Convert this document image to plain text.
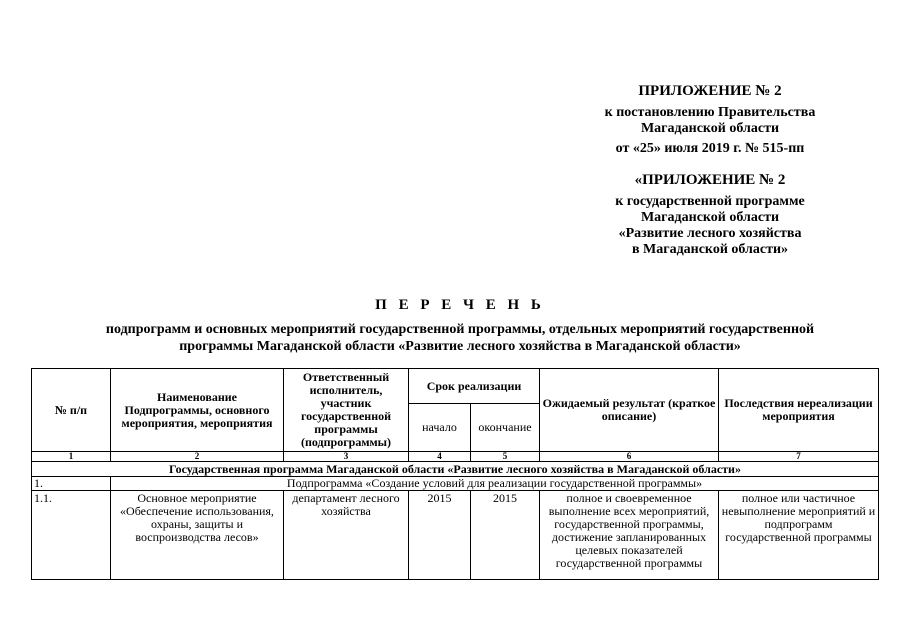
ПРИЛОЖЕНИЕ № 2
к постановлению Правительства
Магаданской области
от «25» июля 2019 г. № 515-пп
«ПРИЛОЖЕНИЕ № 2
к государственной программе
Магаданской области
«Развитие лесного хозяйства
в Магаданской области»
П Е Р Е Ч Е Н Ь
подпрограмм и основных мероприятий государственной программы, отдельных мероприятий государственной
программы Магаданской области «Развитие лесного хозяйства в Магаданской области»
№ п/п	Наименование Подпрограммы, основного мероприятия, мероприятия	Ответственный исполнитель, участник государственной программы (подпрограммы)	Срок реализации		Ожидаемый результат (краткое описание)	Последствия нереализации мероприятия
			начало	окончание		
1	2	3	4	5	6	7
Государственная программа Магаданской области «Развитие лесного хозяйства в Магаданской области»						
1.	Подпрограмма «Создание условий для реализации государственной программы»					
1.1.	Основное мероприятие «Обеспечение использования, охраны, защиты и воспроизводства лесов»	департамент лесного хозяйства	2015	2015	полное и своевременное выполнение всех мероприятий, государственной программы, достижение запланированных целевых показателей государственной программы	полное или частичное невыполнение мероприятий и подпрограмм государственной программы
